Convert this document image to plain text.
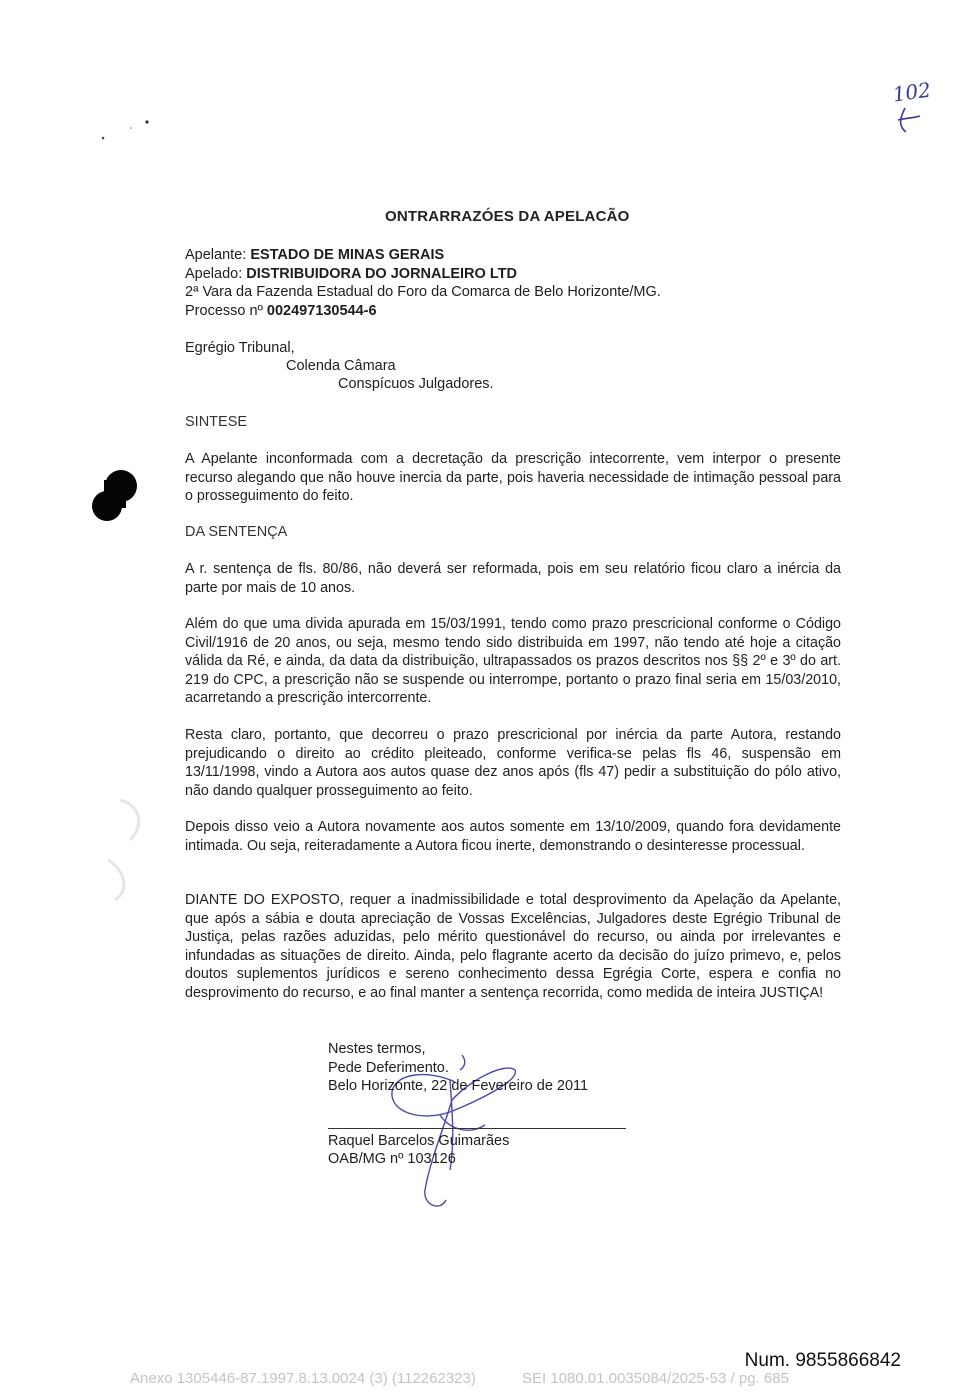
102
ONTRARRAZÓES DA APELACÃO
Apelante: ESTADO DE MINAS GERAIS
Apelado: DISTRIBUIDORA DO JORNALEIRO LTD
2ª Vara da Fazenda Estadual do Foro da Comarca de Belo Horizonte/MG.
Processo nº 002497130544-6
Egrégio Tribunal,
Colenda Câmara
Conspícuos Julgadores.
SINTESE
A Apelante inconformada com a decretação da prescrição intecorrente, vem interpor o presente recurso alegando que não houve inercia da parte, pois haveria necessidade de intimação pessoal para o prosseguimento do feito.
DA SENTENÇA
A r. sentença de fls. 80/86, não deverá ser reformada, pois em seu relatório ficou claro a inércia da parte por mais de 10 anos.
Além do que uma divida apurada em 15/03/1991, tendo como prazo prescricional conforme o Código Civil/1916 de 20 anos, ou seja, mesmo tendo sido distribuida em 1997, não tendo até hoje a citação válida da Ré, e ainda, da data da distribuição, ultrapassados os prazos descritos nos §§ 2º e 3º do art. 219 do CPC, a prescrição não se suspende ou interrompe, portanto o prazo final seria em 15/03/2010, acarretando a prescrição intercorrente.
Resta claro, portanto, que decorreu o prazo prescricional por inércia da parte Autora, restando prejudicando o direito ao crédito pleiteado, conforme verifica-se pelas fls 46, suspensão em 13/11/1998, vindo a Autora aos autos quase dez anos após (fls 47) pedir a substituição do pólo ativo, não dando qualquer prosseguimento ao feito.
Depois disso veio a Autora novamente aos autos somente em 13/10/2009, quando fora devidamente intimada. Ou seja, reiteradamente a Autora ficou inerte, demonstrando o desinteresse processual.
DIANTE DO EXPOSTO, requer a inadmissibilidade e total desprovimento da Apelação da Apelante, que após a sábia e douta apreciação de Vossas Excelências, Julgadores deste Egrégio Tribunal de Justiça, pelas razões aduzidas, pelo mérito questionável do recurso, ou ainda por irrelevantes e infundadas as situações de direito. Ainda, pelo flagrante acerto da decisão do juízo primevo, e, pelos doutos suplementos jurídicos e sereno conhecimento dessa Egrégia Corte, espera e confia no desprovimento do recurso, e ao final manter a sentença recorrida, como medida de inteira JUSTIÇA!
Nestes termos,
Pede Deferimento.
Belo Horizonte, 22 de Fevereiro de 2011
Raquel Barcelos Guimarães
OAB/MG nº 103126
Num. 9855866842
Anexo 1305446-87.1997.8.13.0024 (3) (112262323)	SEI 1080.01.0035084/2025-53 / pg. 685
